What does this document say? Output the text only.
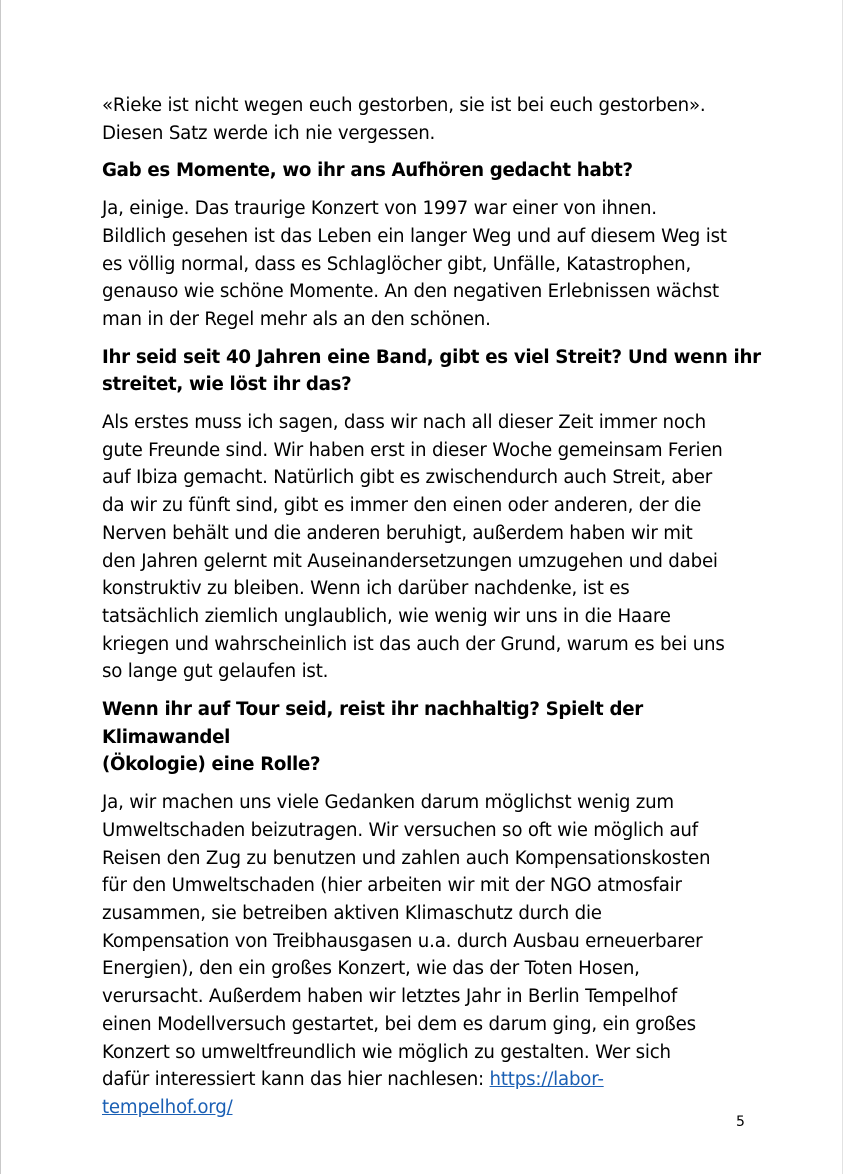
«Rieke ist nicht wegen euch gestorben, sie ist bei euch gestorben».
Diesen Satz werde ich nie vergessen.

Gab es Momente, wo ihr ans Aufhören gedacht habt?

Ja, einige. Das traurige Konzert von 1997 war einer von ihnen.
Bildlich gesehen ist das Leben ein langer Weg und auf diesem Weg ist
es völlig normal, dass es Schlaglöcher gibt, Unfälle, Katastrophen,
genauso wie schöne Momente. An den negativen Erlebnissen wächst
man in der Regel mehr als an den schönen.

Ihr seid seit 40 Jahren eine Band, gibt es viel Streit? Und wenn ihr
streitet, wie löst ihr das?

Als erstes muss ich sagen, dass wir nach all dieser Zeit immer noch
gute Freunde sind. Wir haben erst in dieser Woche gemeinsam Ferien
auf Ibiza gemacht. Natürlich gibt es zwischendurch auch Streit, aber
da wir zu fünft sind, gibt es immer den einen oder anderen, der die
Nerven behält und die anderen beruhigt, außerdem haben wir mit
den Jahren gelernt mit Auseinandersetzungen umzugehen und dabei
konstruktiv zu bleiben. Wenn ich darüber nachdenke, ist es
tatsächlich ziemlich unglaublich, wie wenig wir uns in die Haare
kriegen und wahrscheinlich ist das auch der Grund, warum es bei uns
so lange gut gelaufen ist.

Wenn ihr auf Tour seid, reist ihr nachhaltig? Spielt der Klimawandel
(Ökologie) eine Rolle?

Ja, wir machen uns viele Gedanken darum möglichst wenig zum
Umweltschaden beizutragen. Wir versuchen so oft wie möglich auf
Reisen den Zug zu benutzen und zahlen auch Kompensationskosten
für den Umweltschaden (hier arbeiten wir mit der NGO atmosfair
zusammen, sie betreiben aktiven Klimaschutz durch die
Kompensation von Treibhausgasen u.a. durch Ausbau erneuerbarer
Energien), den ein großes Konzert, wie das der Toten Hosen,
verursacht. Außerdem haben wir letztes Jahr in Berlin Tempelhof
einen Modellversuch gestartet, bei dem es darum ging, ein großes
Konzert so umweltfreundlich wie möglich zu gestalten. Wer sich
dafür interessiert kann das hier nachlesen: https://labor-
tempelhof.org/

5
